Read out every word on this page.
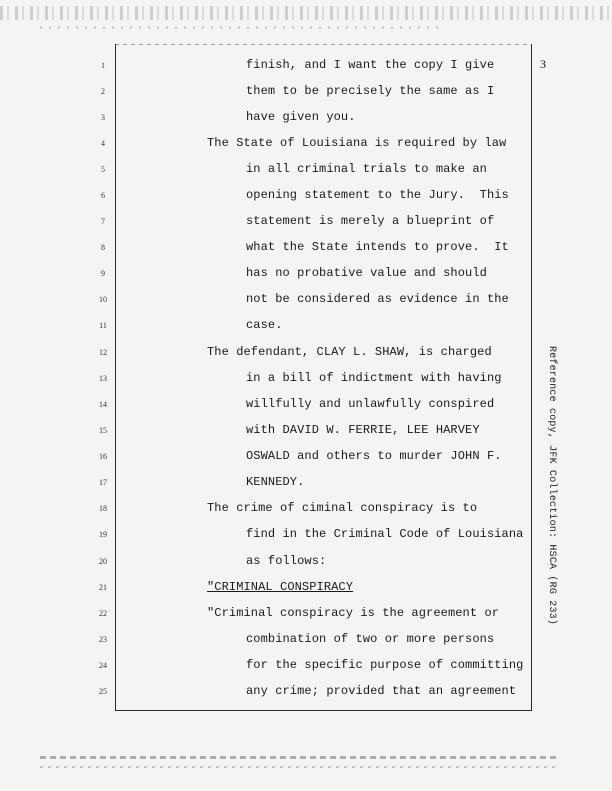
3
Reference copy, JFK Collection: HSCA (RG 233)
1
2
3
4
5
6
7
8
9
10
11
12
13
14
15
16
17
18
19
20
21
22
23
24
25
finish, and I want the copy I give
them to be precisely the same as I
have given you.
The State of Louisiana is required by law
in all criminal trials to make an
opening statement to the Jury.  This
statement is merely a blueprint of
what the State intends to prove.  It
has no probative value and should
not be considered as evidence in the
case.
The defendant, CLAY L. SHAW, is charged
in a bill of indictment with having
willfully and unlawfully conspired
with DAVID W. FERRIE, LEE HARVEY
OSWALD and others to murder JOHN F.
KENNEDY.
The crime of ciminal conspiracy is to
find in the Criminal Code of Louisiana
as follows:
"CRIMINAL CONSPIRACY
"Criminal conspiracy is the agreement or
combination of two or more persons
for the specific purpose of committing
any crime; provided that an agreement
